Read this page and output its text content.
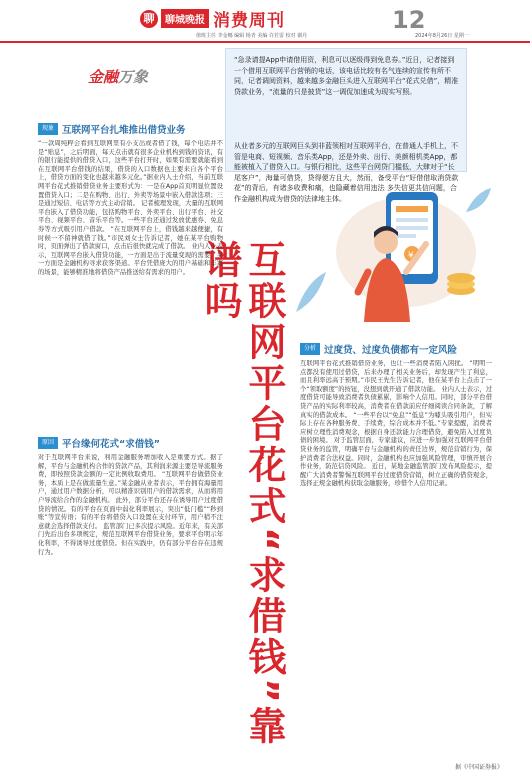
聊	聊城晚报 消费周刊	12
值班主任 李金娜 编辑 杨青 美编 许若雷 校对 谢丹	2024年8月26日 星期一
金融万象
“急录请提App申请借用资，利息可以逐级得到免息券。”近日，记者接到一个借用互联网平台营销的电话，该电话比较有名气连续的宣传有所不同，记者调阅资料，越来越多金融巨头进入互联网平台“花式兑借”，精准贷款业务，“流量的只是披货”这一调侃加速成为现实写照。
从业者多元的互联网巨头到非蓝领相对互联网平台，在普通人手机上，不管是电商、短视频、音乐类App，还是外卖、出行、美颜相机类App，都能被植入了借贷入口。与银行相比，这些平台网贷门槛低，大肆对于“长尾客户”，海量可借贷，贷得便方且大，然而，备受平台“好借借取消贷款花”的背后，有诸多收费和痛，也隐藏着信用违法 多失信更共信问题，合作金融机构成为借贷的法律地主体。
¥
互联网平台花式“求借钱”靠谱吗
现象 互联网平台扎堆推出借贷业务
“一款周纯粹会看到互联网里有小支出或者借了钱，每个电话并不是“贴息”，之后明面，每天点击就有很多企业机构到钱的资讯，有的银行能提供的借贷入口，这些平台打开时，如果有需要就能看到在互联网平台借钱的结果，借贷的入口数据也主要来自各个平台上，借贷方面的变化也越来越多元化。”据业内人士介绍，当前互联网平台花式推销借贷业务主要形式为：一是在App首页明显位置设置借贷入口；二是在购物、出行、外卖等场景中嵌入借款选项；三是通过短信、电话等方式主动营销。 记者梳理发现，大量的互联网平台嵌入了借贷功能，包括购物平台、外卖平台、出行平台、社交平台、视频平台、音乐平台等。一些平台还通过发放优惠券、免息券等方式吸引用户借款。 “在互联网平台上，借钱越来越便捷，有时候一不留神就借了钱。”市民刘女士告诉记者，她在某平台购物时，页面弹出了借款窗口，点击后很快就完成了借款。 业内人士表示，互联网平台嵌入借贷功能，一方面是出于流量变现的需要，另一方面是金融机构寻求获客渠道。平台凭借庞大的用户基础和丰富的场景，能够精准地将借贷产品推送给有需求的用户。
原因 平台缘何花式“求借钱”
对于互联网平台来说，利用金融服务增加收入是重要方式。据了解，平台与金融机构合作的贷款产品，其利润来源主要是导流服务费，即按照贷款金额的一定比例收取费用。 “互联网平台做借贷业务，本质上是在做流量生意。”某金融从业者表示，平台拥有海量用户，通过用户数据分析，可以精准识别用户的借款需求，从而将用户导流给合作的金融机构。 此外，部分平台还存在诱导用户过度借贷的情况。有的平台在页面中弱化利率展示，突出“低门槛”“秒到账”等宣传语；有的平台将借贷入口设置在支付环节，用户稍不注意就会选择借款支付。 监管部门已多次提示风险。近年来，有关部门先后出台多项规定，规范互联网平台借贷业务，要求平台明示年化利率，不得诱导过度借贷。但在实践中，仍有部分平台存在违规行为。
分析 过度贷、过度负债都有一定风险
互联网平台花式推销借贷业务，也让一些消费者陷入困扰。 “明明一点都没有使用过借贷，后来办理了相关业务后，却发现产生了利息，而且利率远高于预期。”市民王先生告诉记者，他在某平台上点击了一个“领取额度”的按钮，没想到就开通了借款功能。 业内人士表示，过度借贷可能导致消费者负债累累，影响个人信用。同时，部分平台借贷产品的实际利率较高，消费者在借款前应仔细阅读合同条款，了解真实的借款成本。 “一些平台以“免息”“低息”为噱头吸引用户，但实际上存在各种服务费、手续费，综合成本并不低。”专家提醒，消费者应树立理性消费观念，根据自身还款能力合理借贷，避免陷入过度负债的困境。 对于监管层面，专家建议，应进一步加强对互联网平台借贷业务的监管，明确平台与金融机构的责任边界，规范营销行为，保护消费者合法权益。同时，金融机构也应加强风险管理，审慎开展合作业务，防范信贷风险。 近日，某地金融监管部门发布风险提示，提醒广大消费者警惕互联网平台过度借贷营销，树立正确的借贷观念，选择正规金融机构获取金融服务，珍惜个人信用记录。
据《中国证券报》
